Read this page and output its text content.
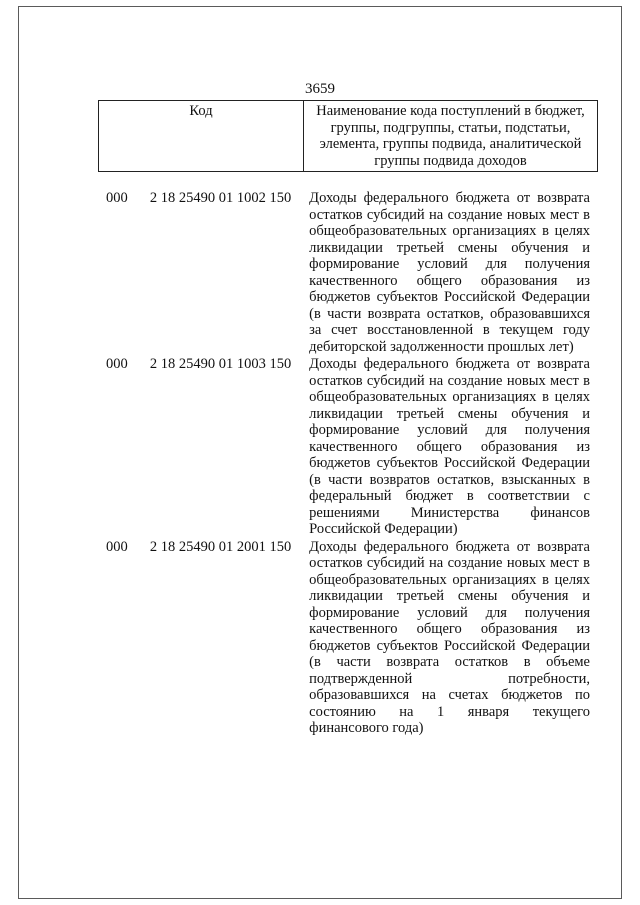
3659
Код	Наименование кода поступлений в бюджет, группы, подгруппы, статьи, подстатьи, элемента, группы подвида, аналитической группы подвида доходов
000	2 18 25490 01 1002 150	Доходы федерального бюджета от возврата остатков субсидий на создание новых мест в общеобразовательных организациях в целях ликвидации третьей смены обучения и формирование условий для получения качественного общего образования из бюджетов субъектов Российской Федерации (в части возврата остатков, образовавшихся за счет восстановленной в текущем году дебиторской задолженности прошлых лет)
000	2 18 25490 01 1003 150	Доходы федерального бюджета от возврата остатков субсидий на создание новых мест в общеобразовательных организациях в целях ликвидации третьей смены обучения и формирование условий для получения качественного общего образования из бюджетов субъектов Российской Федерации (в части возвратов остатков, взысканных в федеральный бюджет в соответствии с решениями Министерства финансов Российской Федерации)
000	2 18 25490 01 2001 150	Доходы федерального бюджета от возврата остатков субсидий на создание новых мест в общеобразовательных организациях в целях ликвидации третьей смены обучения и формирование условий для получения качественного общего образования из бюджетов субъектов Российской Федерации (в части возврата остатков в объеме подтвержденной потребности, образовавшихся на счетах бюджетов по состоянию на 1 января текущего финансового года)
